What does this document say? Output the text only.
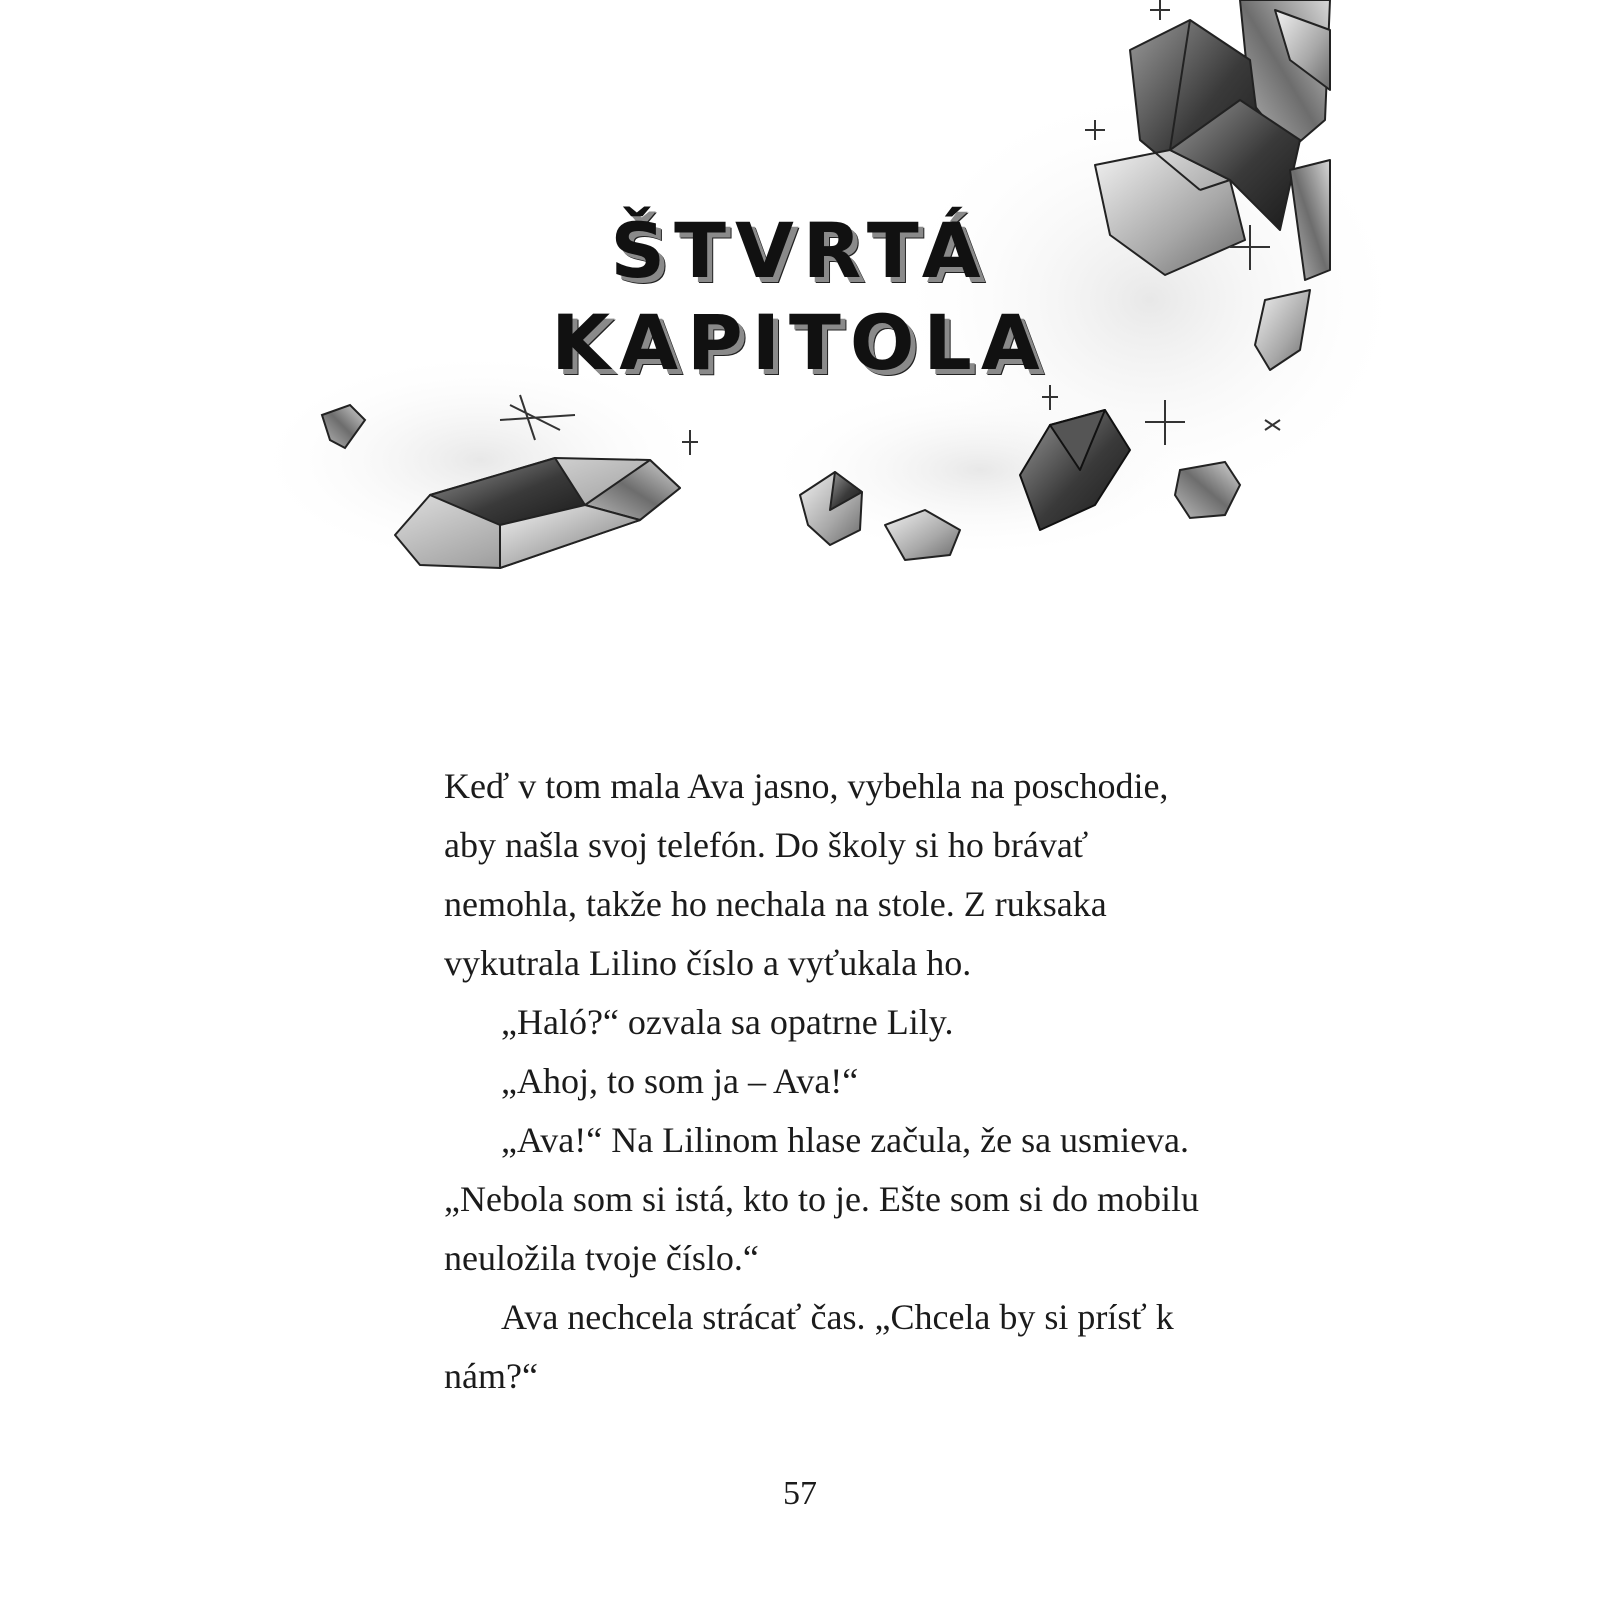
ŠTVRTÁ
KAPITOLA

Keď v tom mala Ava jasno, vybehla na poschodie, aby našla svoj telefón. Do školy si ho brávať nemohla, takže ho nechala na stole. Z ruksaka vykutrala Lilino číslo a vyťukala ho.

„Haló?“ ozvala sa opatrne Lily.

„Ahoj, to som ja – Ava!“

„Ava!“ Na Lilinom hlase začula, že sa usmieva. „Nebola som si istá, kto to je. Ešte som si do mobilu neuložila tvoje číslo.“

Ava nechcela strácať čas. „Chcela by si prísť k nám?“

57
